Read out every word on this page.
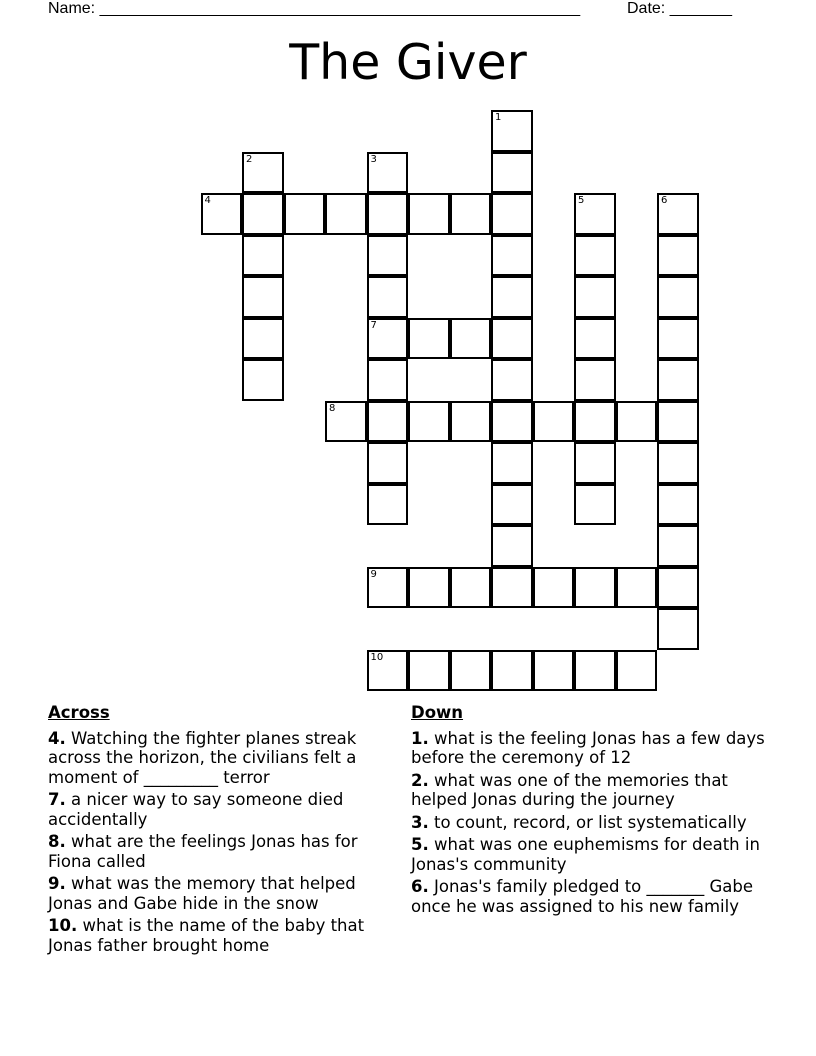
Name: ______________________________________________________	Date: _______
The Giver
1
2	3
7
4	5	6
8
9
10
Across
4. Watching the fighter planes streak across the horizon, the civilians felt a moment of _________ terror
7. a nicer way to say someone died accidentally
8. what are the feelings Jonas has for Fiona called
9. what was the memory that helped Jonas and Gabe hide in the snow
10. what is the name of the baby that Jonas father brought home
Down
1. what is the feeling Jonas has a few days before the ceremony of 12
2. what was one of the memories that helped Jonas during the journey
3. to count, record, or list systematically
5. what was one euphemisms for death in Jonas's community
6. Jonas's family pledged to _______ Gabe once he was assigned to his new family
